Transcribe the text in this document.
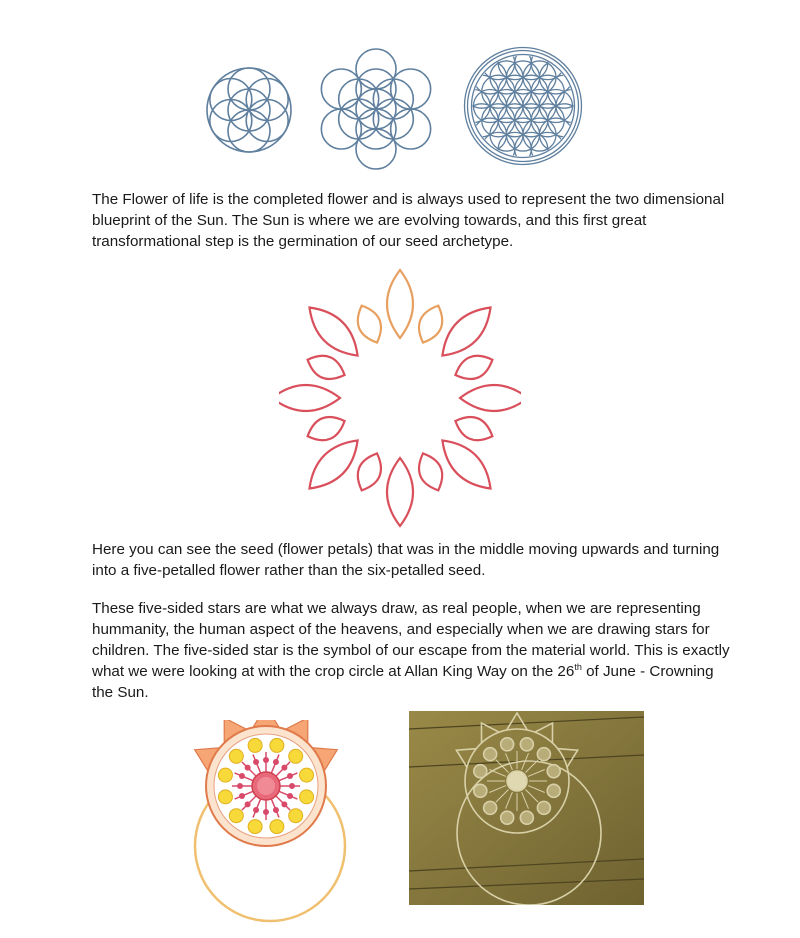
The Flower of life is the completed flower and is always used to represent the two dimensional blueprint of the Sun. The Sun is where we are evolving towards, and this first great transformational step is the germination of our seed archetype.

Here you can see the seed (flower petals) that was in the middle moving upwards and turning into a five-petalled flower rather than the six-petalled seed.

These five-sided stars are what we always draw, as real people, when we are representing hummanity, the human aspect of the heavens, and especially when we are drawing stars for children. The five-sided star is the symbol of our escape from the material world. This is exactly what we were looking at with the crop circle at Allan King Way on the 26th of June - Crowning the Sun.
